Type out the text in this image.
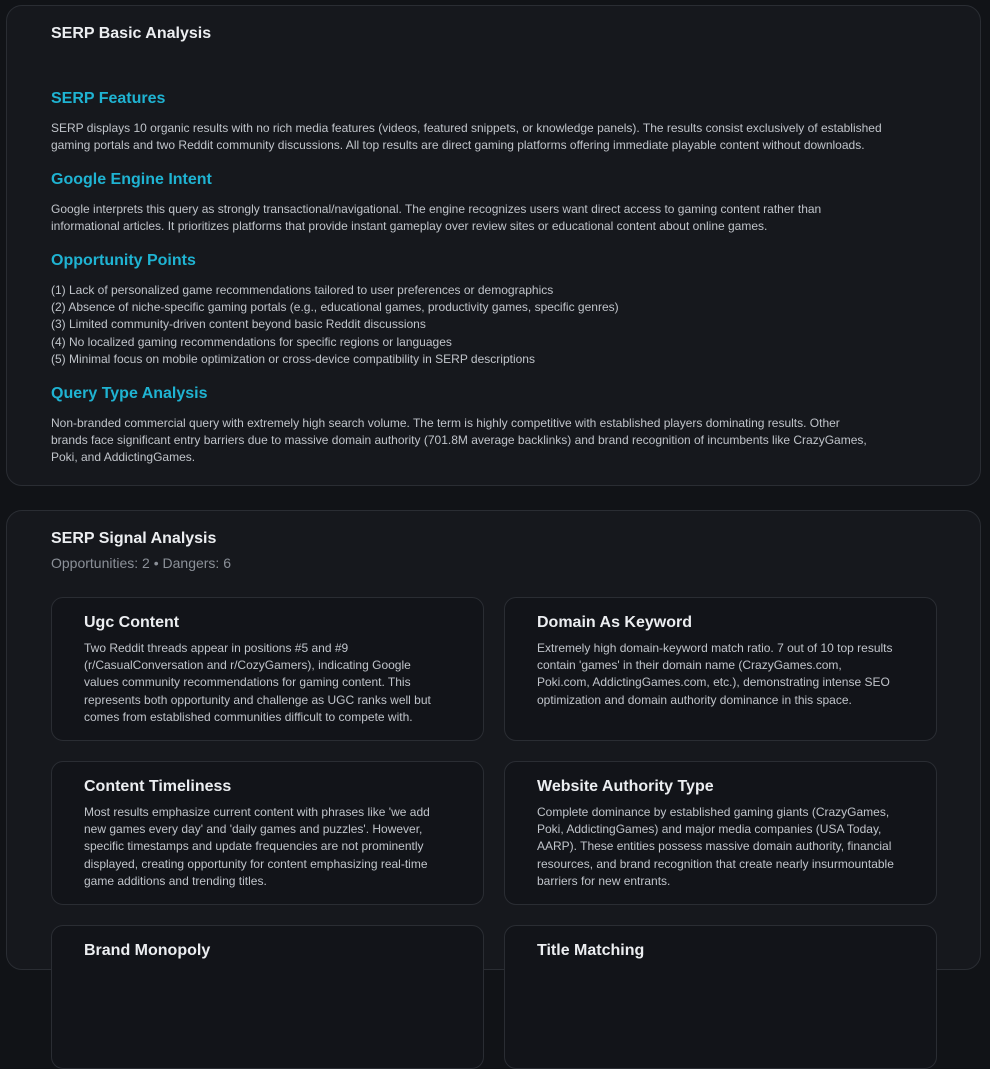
SERP Basic Analysis
SERP Features
SERP displays 10 organic results with no rich media features (videos, featured snippets, or knowledge panels). The results consist exclusively of established
gaming portals and two Reddit community discussions. All top results are direct gaming platforms offering immediate playable content without downloads.
Google Engine Intent
Google interprets this query as strongly transactional/navigational. The engine recognizes users want direct access to gaming content rather than
informational articles. It prioritizes platforms that provide instant gameplay over review sites or educational content about online games.
Opportunity Points
(1) Lack of personalized game recommendations tailored to user preferences or demographics
(2) Absence of niche-specific gaming portals (e.g., educational games, productivity games, specific genres)
(3) Limited community-driven content beyond basic Reddit discussions
(4) No localized gaming recommendations for specific regions or languages
(5) Minimal focus on mobile optimization or cross-device compatibility in SERP descriptions
Query Type Analysis
Non-branded commercial query with extremely high search volume. The term is highly competitive with established players dominating results. Other
brands face significant entry barriers due to massive domain authority (701.8M average backlinks) and brand recognition of incumbents like CrazyGames,
Poki, and AddictingGames.
SERP Signal Analysis
Opportunities: 2 • Dangers: 6
Ugc Content
Two Reddit threads appear in positions #5 and #9
(r/CasualConversation and r/CozyGamers), indicating Google
values community recommendations for gaming content. This
represents both opportunity and challenge as UGC ranks well but
comes from established communities difficult to compete with.
Domain As Keyword
Extremely high domain-keyword match ratio. 7 out of 10 top results
contain 'games' in their domain name (CrazyGames.com,
Poki.com, AddictingGames.com, etc.), demonstrating intense SEO
optimization and domain authority dominance in this space.
Content Timeliness
Most results emphasize current content with phrases like 'we add
new games every day' and 'daily games and puzzles'. However,
specific timestamps and update frequencies are not prominently
displayed, creating opportunity for content emphasizing real-time
game additions and trending titles.
Website Authority Type
Complete dominance by established gaming giants (CrazyGames,
Poki, AddictingGames) and major media companies (USA Today,
AARP). These entities possess massive domain authority, financial
resources, and brand recognition that create nearly insurmountable
barriers for new entrants.
Brand Monopoly	Title Matching
